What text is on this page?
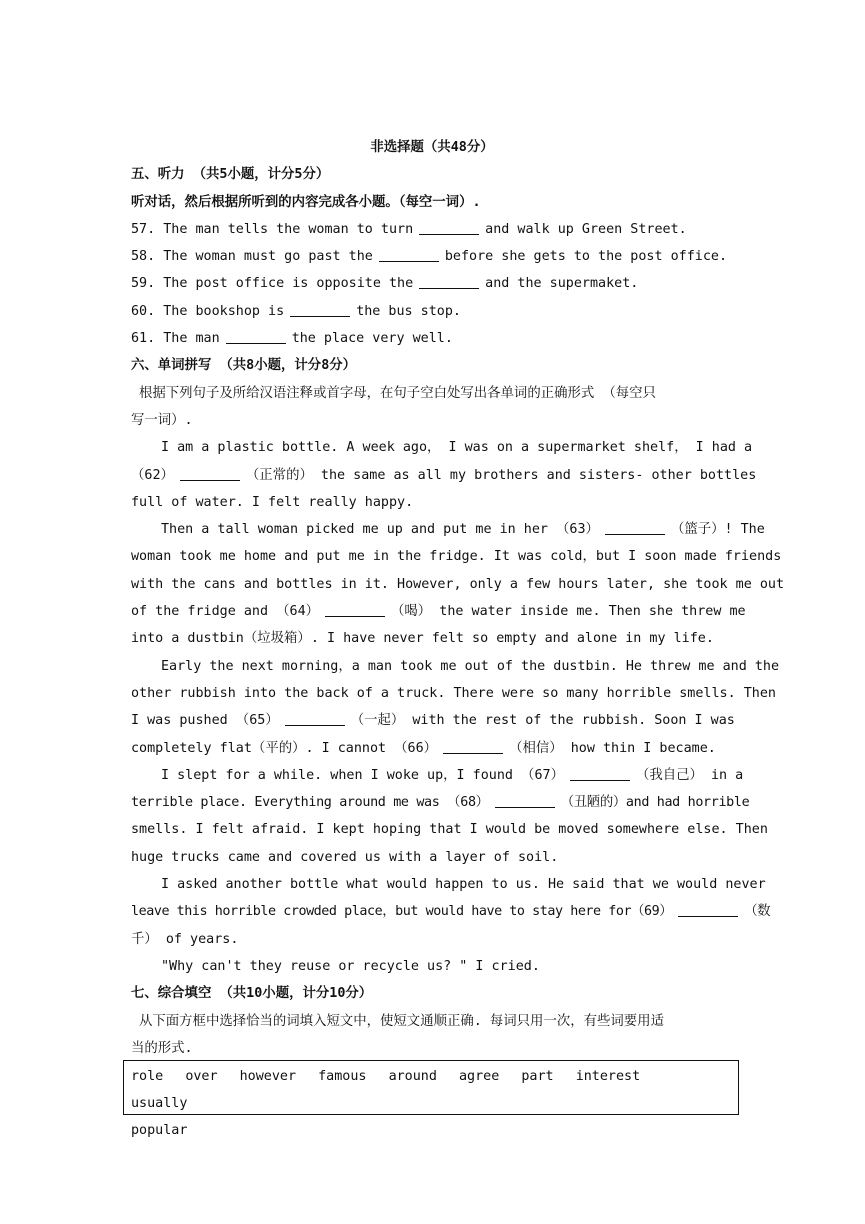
非选择题（共48分）
五、听力 （共5小题，计分5分）
听对话，然后根据所听到的内容完成各小题。（每空一词）.
57. The man tells the woman to turn	and walk up Green Street.
58. The woman must go past the	before she gets to the post office.
59. The post office is opposite the	and the supermaket.
60. The bookshop is	the bus stop.
61. The man	the place very well.
六、单词拼写 （共8小题，计分8分）
根据下列句子及所给汉语注释或首字母，在句子空白处写出各单词的正确形式 （每空只
写一词）.
I am a plastic bottle. A week ago， I was on a supermarket shelf， I had a
（62）	（正常的） the same as all my brothers and sisters- other bottles
full of water. I felt really happy.
Then a tall woman picked me up and put me in her （63）	（篮子）! The
woman took me home and put me in the fridge. It was cold，but I soon made friends
with the cans and bottles in it. However, only a few hours later, she took me out
of the fridge and （64）	（喝） the water inside me. Then she threw me
into a dustbin（垃圾箱）. I have never felt so empty and alone in my life.
Early the next morning，a man took me out of the dustbin. He threw me and the
other rubbish into the back of a truck. There were so many horrible smells. Then
I was pushed （65）	（一起） with the rest of the rubbish. Soon I was
completely flat（平的）. I cannot （66）	（相信） how thin I became.
I slept for a while. when I woke up，I found （67）	（我自己） in a
terrible place. Everything around me was （68）	（丑陋的）and had horrible
smells. I felt afraid. I kept hoping that I would be moved somewhere else. Then
huge trucks came and covered us with a layer of soil.
I asked another bottle what would happen to us. He said that we would never
leave this horrible crowded place，but would have to stay here for（69）	（数
千） of years.
"Why can't they reuse or recycle us? " I cried.
七、综合填空 （共10小题，计分10分）
从下面方框中选择恰当的词填入短文中，使短文通顺正确. 每词只用一次，有些词要用适
当的形式.
role over however famous around agree part interest usually
popular
